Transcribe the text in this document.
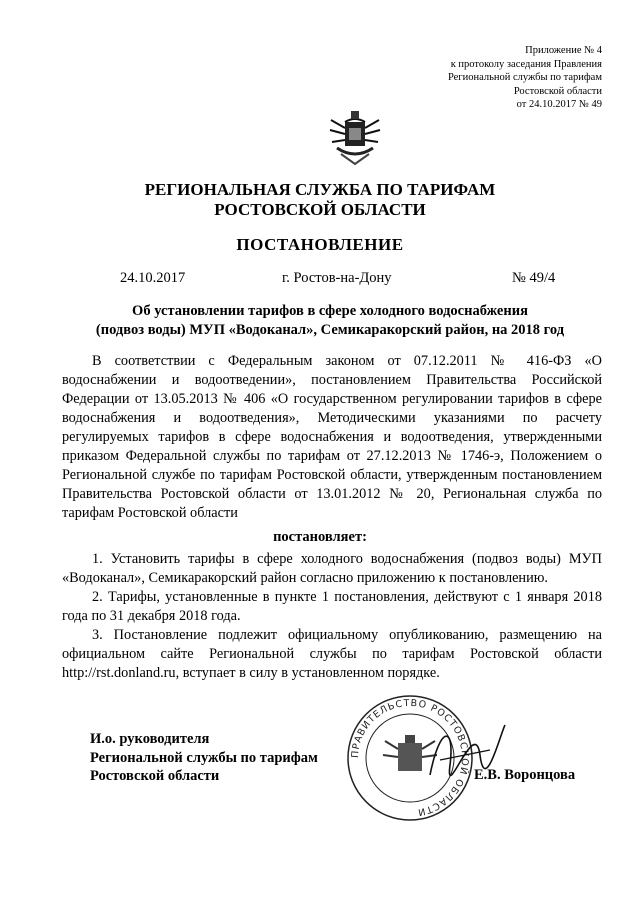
Приложение № 4
к протоколу заседания Правления
Региональной службы по тарифам
Ростовской области
от 24.10.2017 № 49
РЕГИОНАЛЬНАЯ СЛУЖБА ПО ТАРИФАМ
РОСТОВСКОЙ ОБЛАСТИ
ПОСТАНОВЛЕНИЕ
24.10.2017	г. Ростов-на-Дону	№ 49/4
Об установлении тарифов в сфере холодного водоснабжения
(подвоз воды) МУП «Водоканал», Семикаракорский район, на 2018 год
В соответствии с Федеральным законом от 07.12.2011 № 416-ФЗ «О водоснабжении и водоотведении», постановлением Правительства Российской Федерации от 13.05.2013 № 406 «О государственном регулировании тарифов в сфере водоснабжения и водоотведения», Методическими указаниями по расчету регулируемых тарифов в сфере водоснабжения и водоотведения, утвержденными приказом Федеральной службы по тарифам от 27.12.2013 № 1746-э, Положением о Региональной службе по тарифам Ростовской области, утвержденным постановлением Правительства Ростовской области от 13.01.2012 № 20, Региональная служба по тарифам Ростовской области
постановляет:

1. Установить тарифы в сфере холодного водоснабжения (подвоз воды) МУП «Водоканал», Семикаракорский район согласно приложению к постановлению.

2. Тарифы, установленные в пункте 1 постановления, действуют с 1 января 2018 года по 31 декабря 2018 года.

3. Постановление подлежит официальному опубликованию, размещению на официальном сайте Региональной службы по тарифам Ростовской области http://rst.donland.ru, вступает в силу в установленном порядке.

ПРАВИТЕЛЬСТВО РОСТОВСКОЙ ОБЛАСТИ
И.о. руководителя
Региональной службы по тарифам
Ростовской области	Е.В. Воронцова
